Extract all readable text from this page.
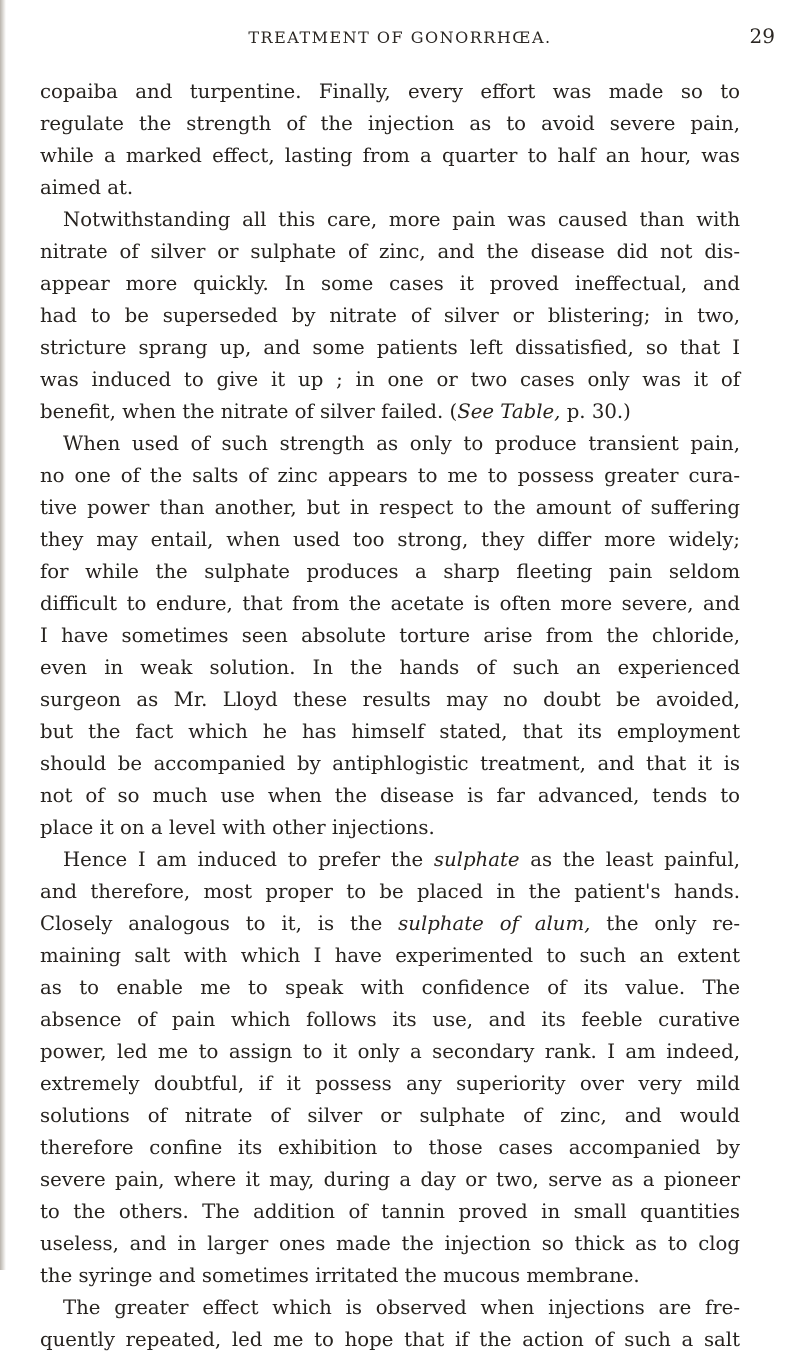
TREATMENT OF GONORRHŒA.	29
copaiba and turpentine. Finally, every effort was made so to
regulate the strength of the injection as to avoid severe pain,
while a marked effect, lasting from a quarter to half an hour, was
aimed at.
Notwithstanding all this care, more pain was caused than with
nitrate of silver or sulphate of zinc, and the disease did not dis-
appear more quickly. In some cases it proved ineffectual, and
had to be superseded by nitrate of silver or blistering; in two,
stricture sprang up, and some patients left dissatisfied, so that I
was induced to give it up ; in one or two cases only was it of
benefit, when the nitrate of silver failed. (See Table, p. 30.)
When used of such strength as only to produce transient pain,
no one of the salts of zinc appears to me to possess greater cura-
tive power than another, but in respect to the amount of suffering
they may entail, when used too strong, they differ more widely;
for while the sulphate produces a sharp fleeting pain seldom
difficult to endure, that from the acetate is often more severe, and
I have sometimes seen absolute torture arise from the chloride,
even in weak solution. In the hands of such an experienced
surgeon as Mr. Lloyd these results may no doubt be avoided,
but the fact which he has himself stated, that its employment
should be accompanied by antiphlogistic treatment, and that it is
not of so much use when the disease is far advanced, tends to
place it on a level with other injections.
Hence I am induced to prefer the sulphate as the least painful,
and therefore, most proper to be placed in the patient's hands.
Closely analogous to it, is the sulphate of alum, the only re-
maining salt with which I have experimented to such an extent
as to enable me to speak with confidence of its value. The
absence of pain which follows its use, and its feeble curative
power, led me to assign to it only a secondary rank. I am indeed,
extremely doubtful, if it possess any superiority over very mild
solutions of nitrate of silver or sulphate of zinc, and would
therefore confine its exhibition to those cases accompanied by
severe pain, where it may, during a day or two, serve as a pioneer
to the others. The addition of tannin proved in small quantities
useless, and in larger ones made the injection so thick as to clog
the syringe and sometimes irritated the mucous membrane.
The greater effect which is observed when injections are fre-
quently repeated, led me to hope that if the action of such a salt
